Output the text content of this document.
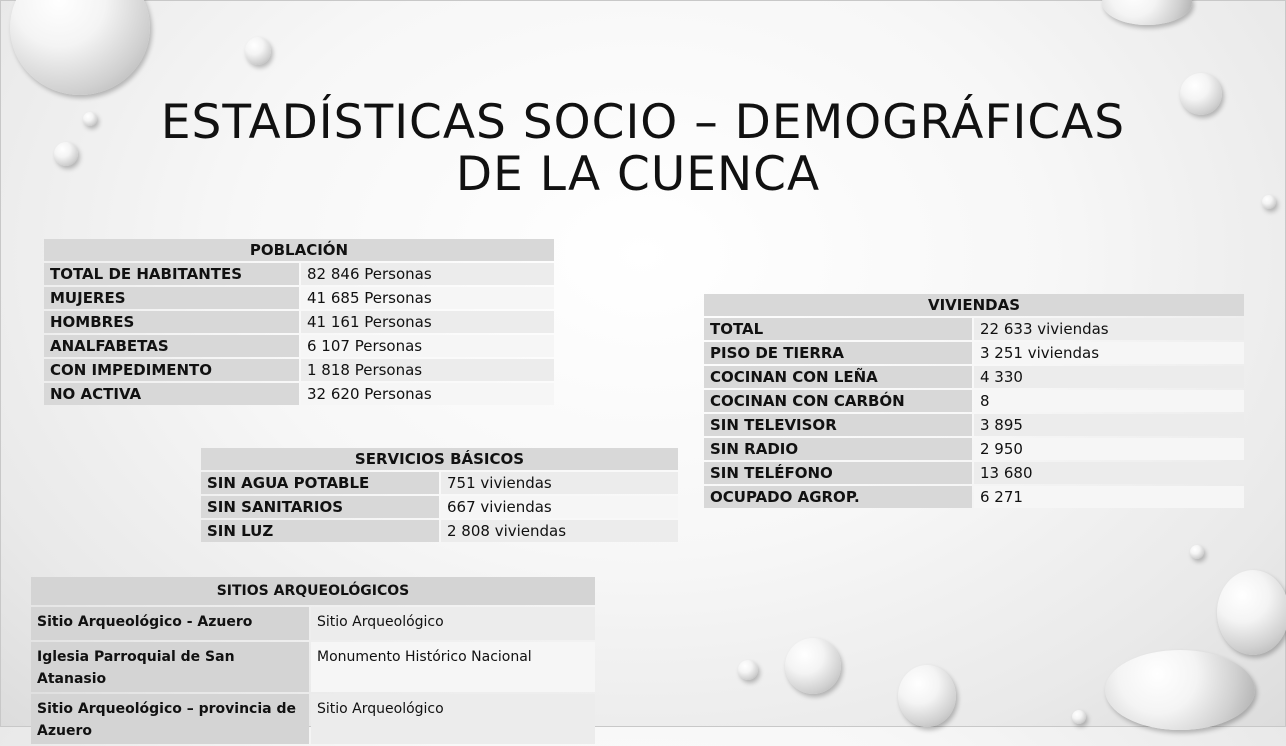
ESTADÍSTICAS SOCIO – DEMOGRÁFICAS
DE LA CUENCA
POBLACIÓN	
TOTAL DE HABITANTES	82 846 Personas
MUJERES	41 685 Personas
HOMBRES	41 161 Personas
ANALFABETAS	6 107 Personas
CON IMPEDIMENTO	1 818 Personas
NO ACTIVA	32 620 Personas
VIVIENDAS	
TOTAL	22 633 viviendas
PISO DE TIERRA	3 251 viviendas
COCINAN CON LEÑA	4 330
COCINAN CON CARBÓN	8
SIN TELEVISOR	3 895
SIN RADIO	2 950
SIN TELÉFONO	13 680
OCUPADO AGROP.	6 271
SERVICIOS BÁSICOS	
SIN AGUA POTABLE	751 viviendas
SIN SANITARIOS	667 viviendas
SIN LUZ	2 808 viviendas
SITIOS ARQUEOLÓGICOS	
Sitio Arqueológico - Azuero	Sitio Arqueológico
Iglesia Parroquial de San Atanasio	Monumento Histórico Nacional
Sitio Arqueológico – provincia de Azuero	Sitio Arqueológico
